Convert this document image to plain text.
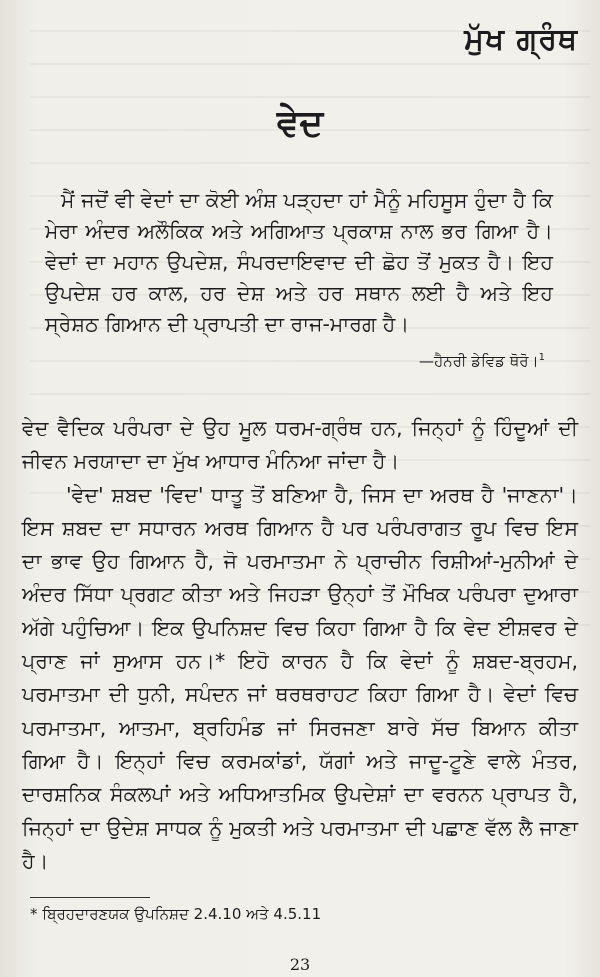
ਮੁੱਖ ਗ੍ਰੰਥ
ਵੇਦ

ਮੈਂ ਜਦੋਂ ਵੀ ਵੇਦਾਂ ਦਾ ਕੋਈ ਅੰਸ਼ ਪੜ੍ਹਦਾ ਹਾਂ ਮੈਨੂੰ ਮਹਿਸੂਸ ਹੁੰਦਾ ਹੈ ਕਿ ਮੇਰਾ ਅੰਦਰ ਅਲੌਕਿਕ ਅਤੇ ਅਗਿਆਤ ਪ੍ਰਕਾਸ਼ ਨਾਲ ਭਰ ਗਿਆ ਹੈ। ਵੇਦਾਂ ਦਾ ਮਹਾਨ ਉਪਦੇਸ਼, ਸੰਪਰਦਾਇਵਾਦ ਦੀ ਛੋਹ ਤੋਂ ਮੁਕਤ ਹੈ। ਇਹ ਉਪਦੇਸ਼ ਹਰ ਕਾਲ, ਹਰ ਦੇਸ਼ ਅਤੇ ਹਰ ਸਥਾਨ ਲਈ ਹੈ ਅਤੇ ਇਹ ਸ੍ਰੇਸ਼ਠ ਗਿਆਨ ਦੀ ਪ੍ਰਾਪਤੀ ਦਾ ਰਾਜ-ਮਾਰਗ ਹੈ।

—ਹੈਨਰੀ ਡੇਵਿਡ ਥੋਰੋ।$^1$

ਵੇਦ ਵੈਦਿਕ ਪਰੰਪਰਾ ਦੇ ਉਹ ਮੂਲ ਧਰਮ-ਗ੍ਰੰਥ ਹਨ, ਜਿਨ੍ਹਾਂ ਨੂੰ ਹਿੰਦੂਆਂ ਦੀ ਜੀਵਨ ਮਰਯਾਦਾ ਦਾ ਮੁੱਖ ਆਧਾਰ ਮੰਨਿਆ ਜਾਂਦਾ ਹੈ।

'ਵੇਦ' ਸ਼ਬਦ 'ਵਿਦ' ਧਾਤੂ ਤੋਂ ਬਣਿਆ ਹੈ, ਜਿਸ ਦਾ ਅਰਥ ਹੈ 'ਜਾਣਨਾ'। ਇਸ ਸ਼ਬਦ ਦਾ ਸਧਾਰਨ ਅਰਥ ਗਿਆਨ ਹੈ ਪਰ ਪਰੰਪਰਾਗਤ ਰੂਪ ਵਿਚ ਇਸ ਦਾ ਭਾਵ ਉਹ ਗਿਆਨ ਹੈ, ਜੋ ਪਰਮਾਤਮਾ ਨੇ ਪ੍ਰਾਚੀਨ ਰਿਸ਼ੀਆਂ-ਮੁਨੀਆਂ ਦੇ ਅੰਦਰ ਸਿੱਧਾ ਪ੍ਰਗਟ ਕੀਤਾ ਅਤੇ ਜਿਹੜਾ ਉਨ੍ਹਾਂ ਤੋਂ ਮੌਖਿਕ ਪਰੰਪਰਾ ਦੁਆਰਾ ਅੱਗੇ ਪਹੁੰਚਿਆ। ਇਕ ਉਪਨਿਸ਼ਦ ਵਿਚ ਕਿਹਾ ਗਿਆ ਹੈ ਕਿ ਵੇਦ ਈਸ਼ਵਰ ਦੇ ਪ੍ਰਾਣ ਜਾਂ ਸੁਆਸ ਹਨ।* ਇਹੋ ਕਾਰਨ ਹੈ ਕਿ ਵੇਦਾਂ ਨੂੰ ਸ਼ਬਦ-ਬ੍ਰਹਮ, ਪਰਮਾਤਮਾ ਦੀ ਧੁਨੀ, ਸਪੰਦਨ ਜਾਂ ਥਰਥਰਾਹਟ ਕਿਹਾ ਗਿਆ ਹੈ। ਵੇਦਾਂ ਵਿਚ ਪਰਮਾਤਮਾ, ਆਤਮਾ, ਬ੍ਰਹਿਮੰਡ ਜਾਂ ਸਿਰਜਣਾ ਬਾਰੇ ਸੱਚ ਬਿਆਨ ਕੀਤਾ ਗਿਆ ਹੈ। ਇਨ੍ਹਾਂ ਵਿਚ ਕਰਮਕਾਂਡਾਂ, ਯੱਗਾਂ ਅਤੇ ਜਾਦੂ-ਟੂਣੇ ਵਾਲੇ ਮੰਤਰ, ਦਾਰਸ਼ਨਿਕ ਸੰਕਲਪਾਂ ਅਤੇ ਅਧਿਆਤਮਿਕ ਉਪਦੇਸ਼ਾਂ ਦਾ ਵਰਨਨ ਪ੍ਰਾਪਤ ਹੈ, ਜਿਨ੍ਹਾਂ ਦਾ ਉਦੇਸ਼ ਸਾਧਕ ਨੂੰ ਮੁਕਤੀ ਅਤੇ ਪਰਮਾਤਮਾ ਦੀ ਪਛਾਣ ਵੱਲ ਲੈ ਜਾਣਾ ਹੈ।

* ਬ੍ਰਿਹਦਾਰਣਯਕ ਉਪਨਿਸ਼ਦ 2.4.10 ਅਤੇ 4.5.11
23
